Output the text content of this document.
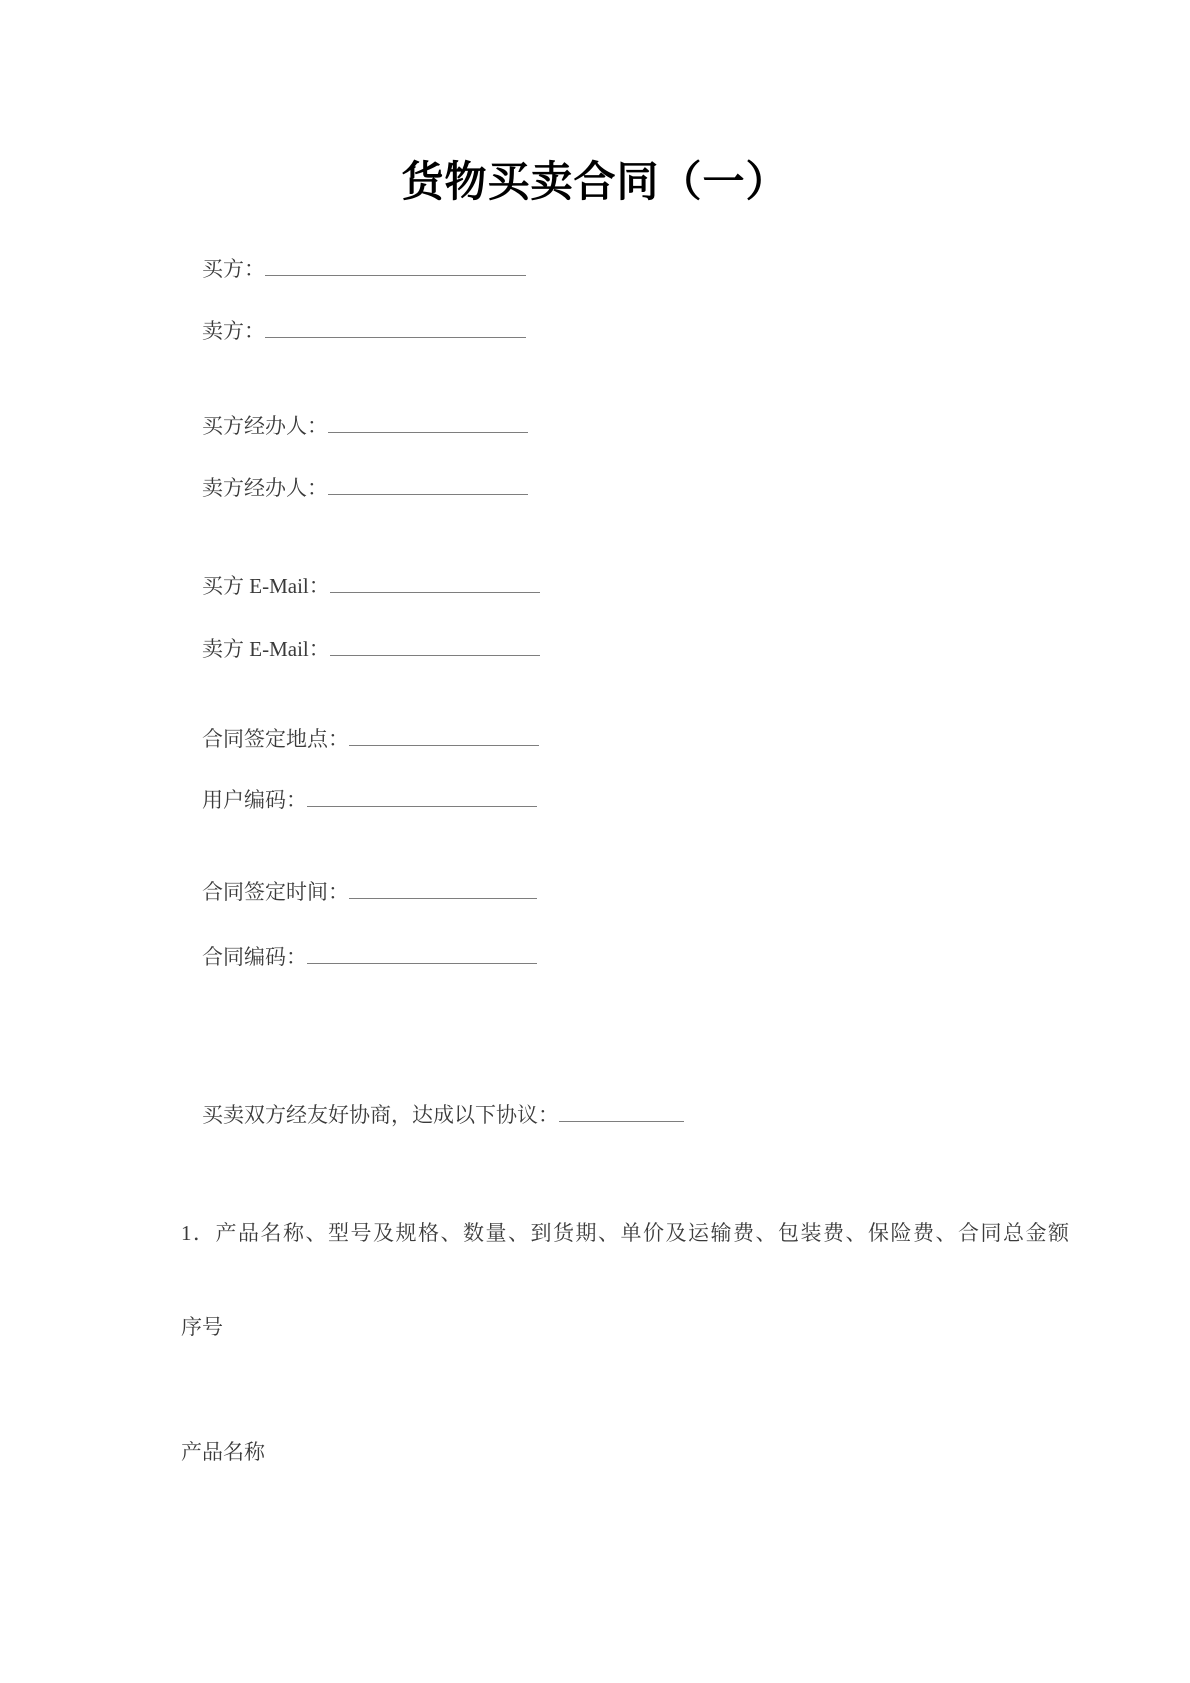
货物买卖合同（一）

买方：

卖方：

买方经办人：

卖方经办人：

买方 E-Mail：

卖方 E-Mail：

合同签定地点：

用户编码：

合同签定时间：

合同编码：

买卖双方经友好协商，达成以下协议：

1．产品名称、型号及规格、数量、到货期、单价及运输费、包装费、保险费、合同总金额
序号
产品名称
